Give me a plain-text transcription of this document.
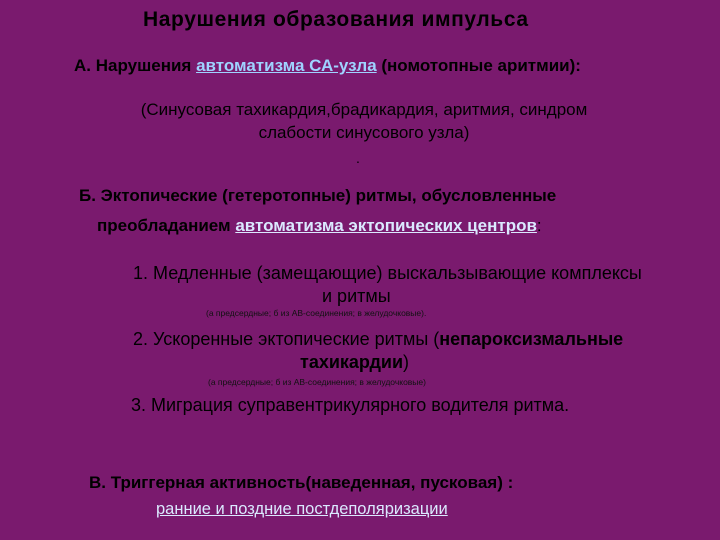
Нарушения образования импульса
А. Нарушения автоматизма СА-узла (номотопные аритмии):
(Синусовая тахикардия,брадикардия, аритмия, синдром
слабости синусового узла)
.
Б. Эктопические (гетеротопные) ритмы, обусловленные
преобладанием автоматизма эктопических центров:
1. Медленные (замещающие) выскальзывающие комплексы
и ритмы
(а предсердные; б из АВ-соединения; в желудочковые).
2. Ускоренные эктопические ритмы (непароксизмальные
тахикардии)
(а предсердные; б из АВ-соединения; в желудочковые)
3. Миграция суправентрикулярного водителя ритма.
В. Триггерная активность(наведенная, пусковая) :
ранние и поздние постдеполяризации
